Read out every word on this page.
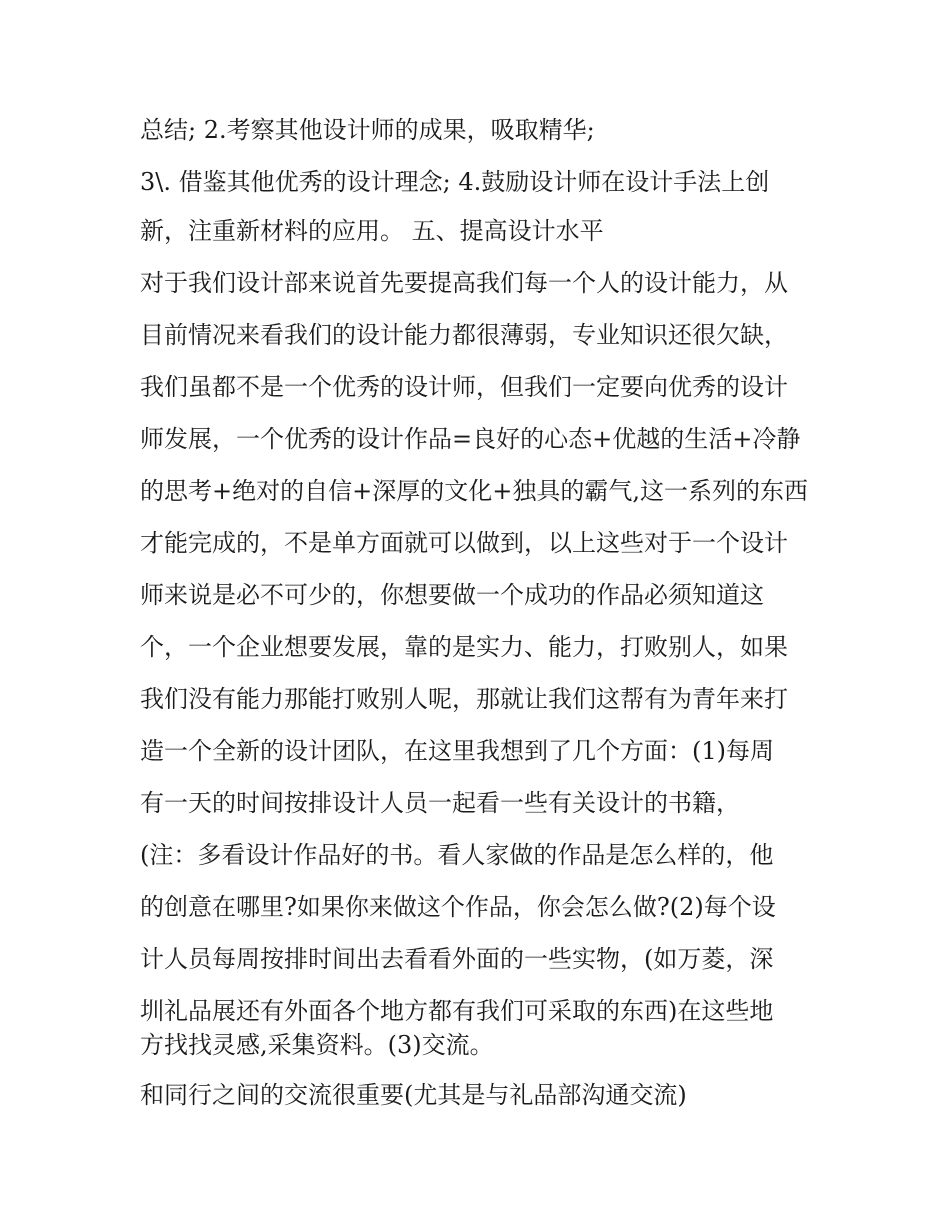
总结; 2.考察其他设计师的成果，吸取精华;
3\. 借鉴其他优秀的设计理念; 4.鼓励设计师在设计手法上创
新，注重新材料的应用。 五、提高设计水平
对于我们设计部来说首先要提高我们每一个人的设计能力，从
目前情况来看我们的设计能力都很薄弱，专业知识还很欠缺，
我们虽都不是一个优秀的设计师，但我们一定要向优秀的设计
师发展，一个优秀的设计作品=良好的心态+优越的生活+冷静
的思考+绝对的自信+深厚的文化+独具的霸气,这一系列的东西
才能完成的，不是单方面就可以做到，以上这些对于一个设计
师来说是必不可少的，你想要做一个成功的作品必须知道这
个，一个企业想要发展，靠的是实力、能力，打败别人，如果
我们没有能力那能打败别人呢，那就让我们这帮有为青年来打
造一个全新的设计团队，在这里我想到了几个方面：(1)每周
有一天的时间按排设计人员一起看一些有关设计的书籍，
(注：多看设计作品好的书。看人家做的作品是怎么样的，他
的创意在哪里?如果你来做这个作品，你会怎么做?(2)每个设
计人员每周按排时间出去看看外面的一些实物，(如万菱，深
圳礼品展还有外面各个地方都有我们可采取的东西)在这些地
方找找灵感,采集资料。(3)交流。
和同行之间的交流很重要(尤其是与礼品部沟通交流)
